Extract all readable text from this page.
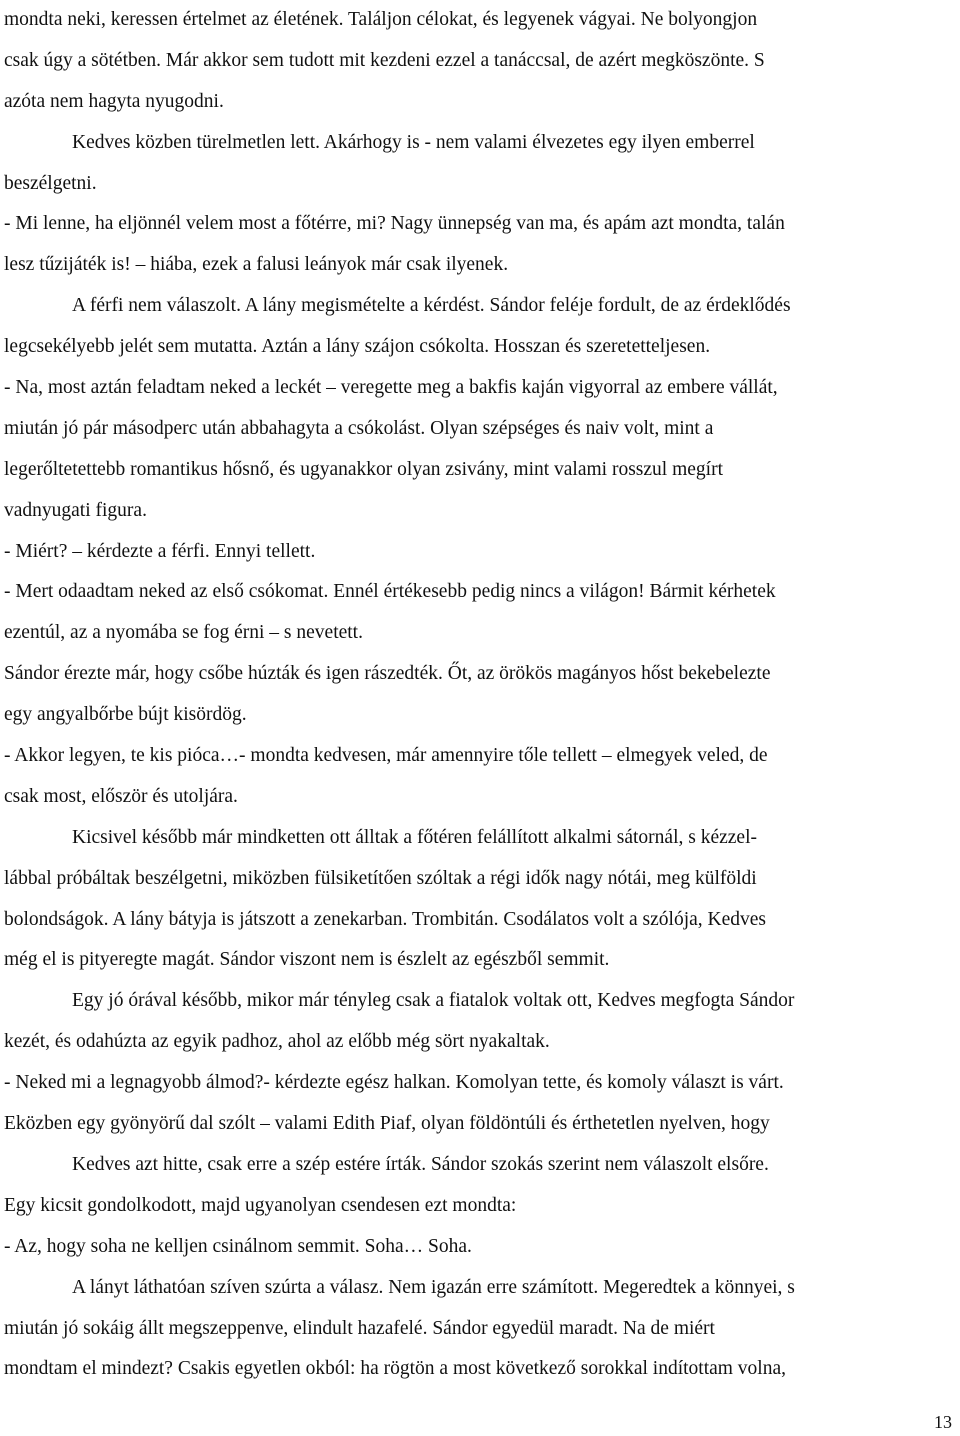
mondta neki, keressen értelmet az életének. Találjon célokat, és legyenek vágyai. Ne bolyongjon
csak úgy a sötétben. Már akkor sem tudott mit kezdeni ezzel a tanáccsal, de azért megköszönte. S
azóta nem hagyta nyugodni.
Kedves közben türelmetlen lett. Akárhogy is - nem valami élvezetes egy ilyen emberrel
beszélgetni.
- Mi lenne, ha eljönnél velem most a főtérre, mi? Nagy ünnepség van ma, és apám azt mondta, talán
lesz tűzijáték is! – hiába, ezek a falusi leányok már csak ilyenek.
A férfi nem válaszolt. A lány megismételte a kérdést. Sándor feléje fordult, de az érdeklődés
legcsekélyebb jelét sem mutatta. Aztán a lány szájon csókolta. Hosszan és szeretetteljesen.
- Na, most aztán feladtam neked a leckét – veregette meg a bakfis kaján vigyorral az embere vállát,
miután jó pár másodperc után abbahagyta a csókolást. Olyan szépséges és naiv volt, mint a
legerőltetettebb romantikus hősnő, és ugyanakkor olyan zsivány, mint valami rosszul megírt
vadnyugati figura.
- Miért? – kérdezte a férfi. Ennyi tellett.
- Mert odaadtam neked az első csókomat. Ennél értékesebb pedig nincs a világon! Bármit kérhetek
ezentúl, az a nyomába se fog érni – s nevetett.
Sándor érezte már, hogy csőbe húzták és igen rászedték. Őt, az örökös magányos hőst bekebelezte
egy angyalbőrbe bújt kisördög.
- Akkor legyen, te kis pióca…- mondta kedvesen, már amennyire tőle tellett – elmegyek veled, de
csak most, először és utoljára.
Kicsivel később már mindketten ott álltak a főtéren felállított alkalmi sátornál, s kézzel-
lábbal próbáltak beszélgetni, miközben fülsiketítően szóltak a régi idők nagy nótái, meg külföldi
bolondságok. A lány bátyja is játszott a zenekarban. Trombitán. Csodálatos volt a szólója, Kedves
még el is pityeregte magát. Sándor viszont nem is észlelt az egészből semmit.
Egy jó órával később, mikor már tényleg csak a fiatalok voltak ott, Kedves megfogta Sándor
kezét, és odahúzta az egyik padhoz, ahol az előbb még sört nyakaltak.
- Neked mi a legnagyobb álmod?- kérdezte egész halkan. Komolyan tette, és komoly választ is várt.
Eközben egy gyönyörű dal szólt – valami Edith Piaf, olyan földöntúli és érthetetlen nyelven, hogy
Kedves azt hitte, csak erre a szép estére írták. Sándor szokás szerint nem válaszolt elsőre.
Egy kicsit gondolkodott, majd ugyanolyan csendesen ezt mondta:
- Az, hogy soha ne kelljen csinálnom semmit. Soha… Soha.
A lányt láthatóan szíven szúrta a válasz. Nem igazán erre számított. Megeredtek a könnyei, s
miután jó sokáig állt megszeppenve, elindult hazafelé. Sándor egyedül maradt. Na de miért
mondtam el mindezt? Csakis egyetlen okból: ha rögtön a most következő sorokkal indítottam volna,
13
